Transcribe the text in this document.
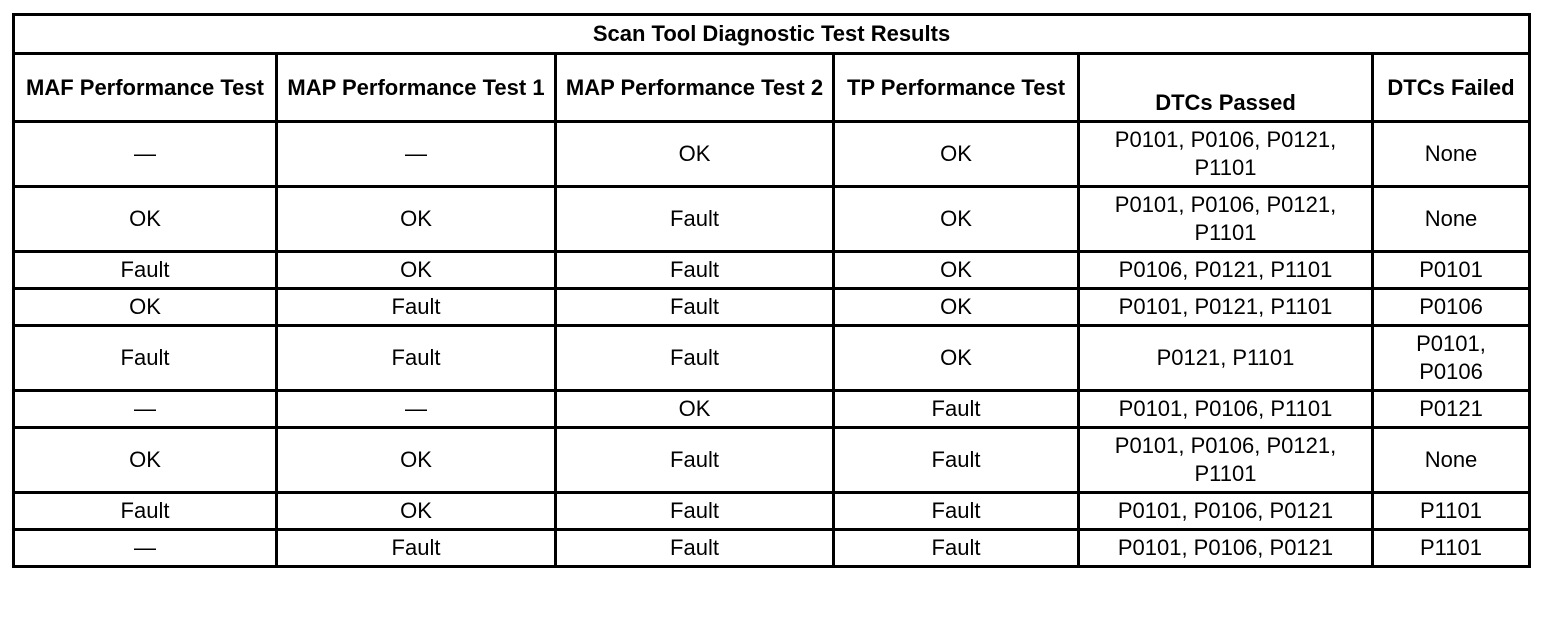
Scan Tool Diagnostic Test Results					
MAF Performance Test	MAP Performance Test 1	MAP Performance Test 2	TP Performance Test	DTCs Passed	DTCs Failed
—	—	OK	OK	P0101, P0106, P0121, P1101	None
OK	OK	Fault	OK	P0101, P0106, P0121, P1101	None
Fault	OK	Fault	OK	P0106, P0121, P1101	P0101
OK	Fault	Fault	OK	P0101, P0121, P1101	P0106
Fault	Fault	Fault	OK	P0121, P1101	P0101, P0106
—	—	OK	Fault	P0101, P0106, P1101	P0121
OK	OK	Fault	Fault	P0101, P0106, P0121, P1101	None
Fault	OK	Fault	Fault	P0101, P0106, P0121	P1101
—	Fault	Fault	Fault	P0101, P0106, P0121	P1101
